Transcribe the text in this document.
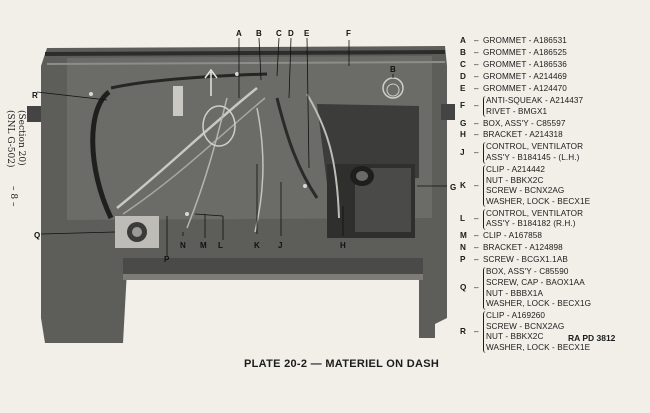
(Section 20)
(SNL G-502)
– 8 –
A B C D E	F
R
B
G
H
J
K
L
M
N
P
Q
A – GROMMET - A186531
B – GROMMET - A186525
C – GROMMET - A186536
D – GROMMET - A214469
E	– GROMMET - A124470
F	–
ANTI-SQUEAK - A214437
RIVET - BMGX1
G – BOX, ASS'Y - C85597
H – BRACKET - A214318
J	–
CONTROL, VENTILATOR
ASS'Y - B184145 - (L.H.)
K –
CLIP - A214442
NUT - BBKX2C
SCREW - BCNX2AG
WASHER, LOCK - BECX1E
L	–
CONTROL, VENTILATOR
ASS'Y - B184182 (R.H.)
M – CLIP - A167858
N – BRACKET - A124898
P	– SCREW - BCGX1.1AB
Q –
BOX, ASS'Y - C85590
SCREW, CAP - BAOX1AA
NUT - BBBX1A
WASHER, LOCK - BECX1G
R –
CLIP - A169260
SCREW - BCNX2AG
NUT - BBKX2C
WASHER, LOCK - BECX1E
PLATE 20-2 — MATERIEL ON DASH
RA PD 3812
